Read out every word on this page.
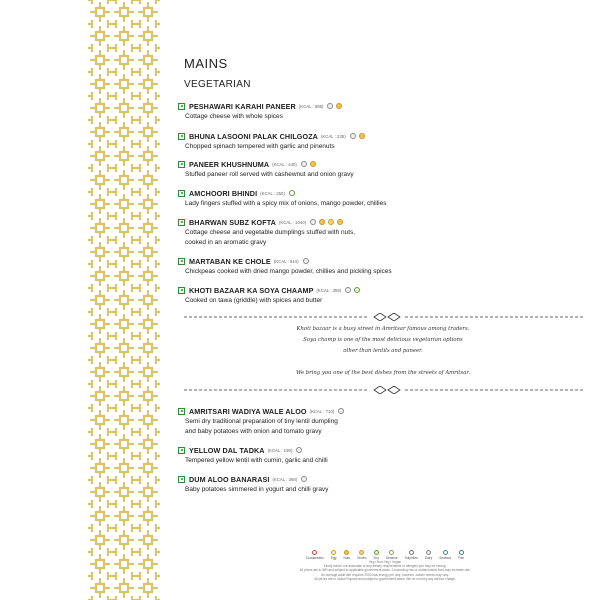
MAINS
VEGETARIAN
PESHAWARI KARAHI PANEER (KCAL : 588)
Cottage cheese with whole spices
BHUNA LASOONI PALAK CHILGOZA (KCAL : 235)
Chopped spinach tempered with garlic and pinenuts
PANEER KHUSHNUMA (KCAL : 440)
Stuffed paneer roll served with cashewnut and onion gravy
AMCHOORI BHINDI (KCAL : 250)
Lady fingers stuffed with a spicy mix of onions, mango powder, chillies
BHARWAN SUBZ KOFTA (KCAL : 1040)
Cottage cheese and vegetable dumplings stuffed with nuts,
cooked in an aromatic gravy
MARTABAN KE CHOLE (KCAL : 544)
Chickpeas cooked with dried mango powder, chillies and pickling spices
KHOTI BAZAAR KA SOYA CHAAMP (KCAL : 359)
Cooked on tawa (griddle) with spices and butter
Khoti bazaar is a busy street in Amritsar famous among traders.
Soya champ is one of the most delicious vegetarian options
other than lentils and paneer.
We bring you one of the best dishes from the streets of Amritsar.
AMRITSARI WADIYA WALE ALOO (KCAL : 710)
Semi dry traditional preparation of tiny lentil dumpling
and baby potatoes with onion and tomato gravy
YELLOW DAL TADKA (KCAL : 190)
Tempered yellow lentil with cumin, garlic and chilli
DUM ALOO BANARASI (KCAL : 368)
Baby potatoes simmered in yogurt and chilli gravy
Crustaceans Egg Nuts Gluten Soy Sesame Sulphites Dairy Seafood Fish
Veg / Non-Veg / Vegan
Kindly inform our associate of any dietary requirements or allergies you may be having.
All prices are in INR and subject to applicable government taxes. Consuming raw or undercooked food may increase risk.
An average adult diet requires 2000 kcal energy per day; however, calorie needs may vary.
All prices are in Indian Rupees and subject to government taxes. We do not levy any service charge.
